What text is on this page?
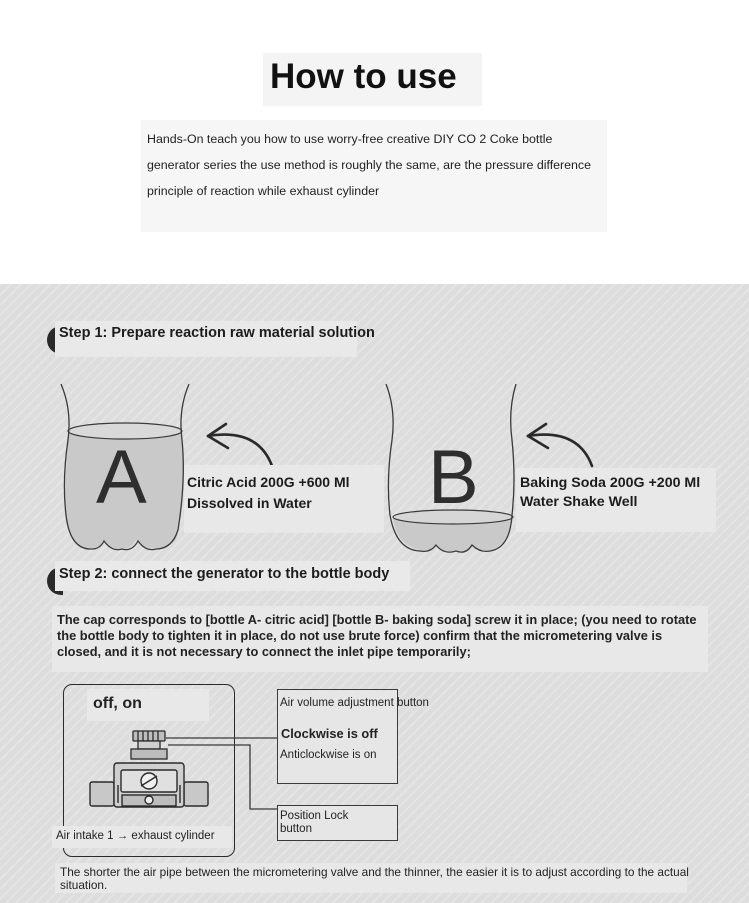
How to use

Hands-On teach you how to use worry-free creative DIY CO 2 Coke bottle generator series the use method is roughly the same, are the pressure difference principle of reaction while exhaust cylinder

Step 1: Prepare reaction raw material solution
A	B
Citric Acid 200G +600 Ml Dissolved in Water
Baking Soda 200G +200 Ml Water Shake Well
Step 2: connect the generator to the bottle body

The cap corresponds to [bottle A- citric acid] [bottle B- baking soda] screw it in place; (you need to rotate the bottle body to tighten it in place, do not use brute force) confirm that the micrometering valve is closed, and it is not necessary to connect the inlet pipe temporarily;

off, on
Air intake 1 → exhaust cylinder
Air volume adjustment button
Clockwise is off
Anticlockwise is on
Position Lock button

The shorter the air pipe between the micrometering valve and the thinner, the easier it is to adjust according to the actual situation.
